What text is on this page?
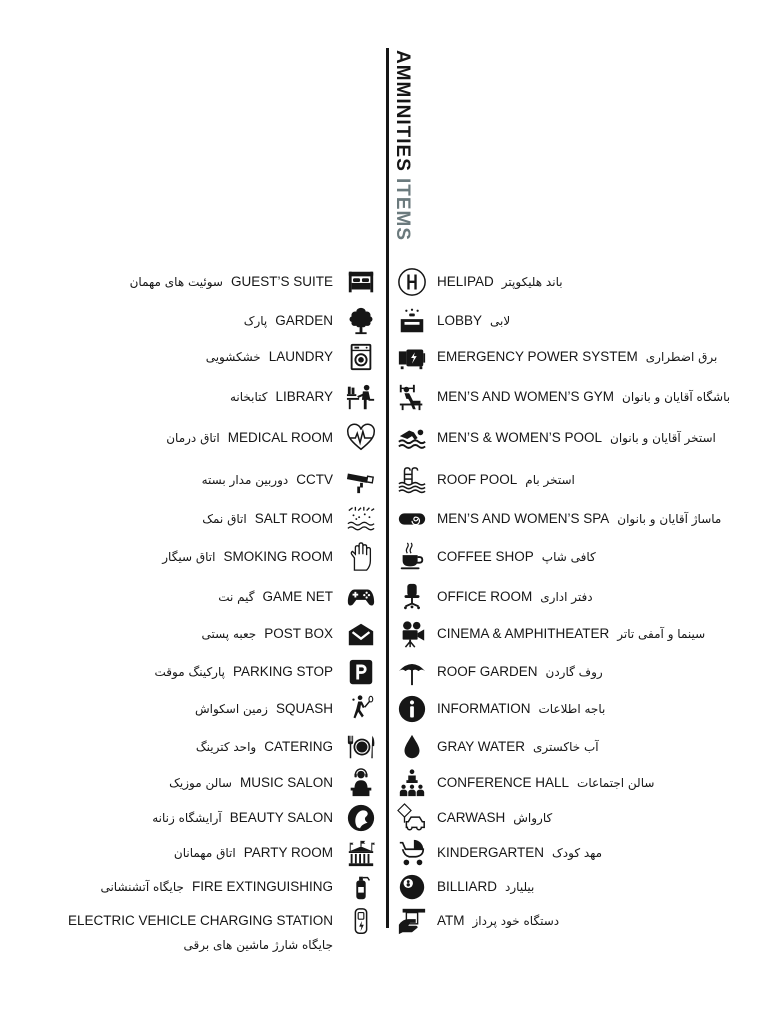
AMMINITIESITEMS
سوئیت های مهمان GUEST’S SUITE
پارک GARDEN
خشکشویی LAUNDRY
کتابخانه LIBRARY
اتاق درمان MEDICAL ROOM
دوربین مدار بسته CCTV
اتاق نمک SALT ROOM
اتاق سیگار SMOKING ROOM
گیم نت GAME NET
جعبه پستی POST BOX
پارکینگ موقت PARKING STOP
زمین اسکواش SQUASH
واحد کترینگ CATERING
سالن موزیک MUSIC SALON
آرایشگاه زنانه BEAUTY SALON
اتاق مهمانان PARTY ROOM
جایگاه آتشنشانی FIRE EXTINGUISHING
جایگاه شارژ ماشین های برقی
ELECTRIC VEHICLE CHARGING STATION
HELIPAD باند هلیکوپتر
LOBBY لابی
EMERGENCY POWER SYSTEM برق اضطراری
MEN’S AND WOMEN’S GYM باشگاه آقایان و بانوان
MEN’S & WOMEN’S POOL استخر آقایان و بانوان
ROOF POOL استخر بام
MEN’S AND WOMEN’S SPA ماساژ آقایان و بانوان
COFFEE SHOP کافی شاپ
OFFICE ROOM دفتر اداری
CINEMA & AMPHITHEATER سینما و آمفی تاتر
ROOF GARDEN روف گاردن
INFORMATION باجه اطلاعات
GRAY WATER آب خاکستری
CONFERENCE HALL سالن اجتماعات
CARWASH کارواش
KINDERGARTEN مهد کودک
BILLIARD بیلیارد
ATM دستگاه خود پرداز
